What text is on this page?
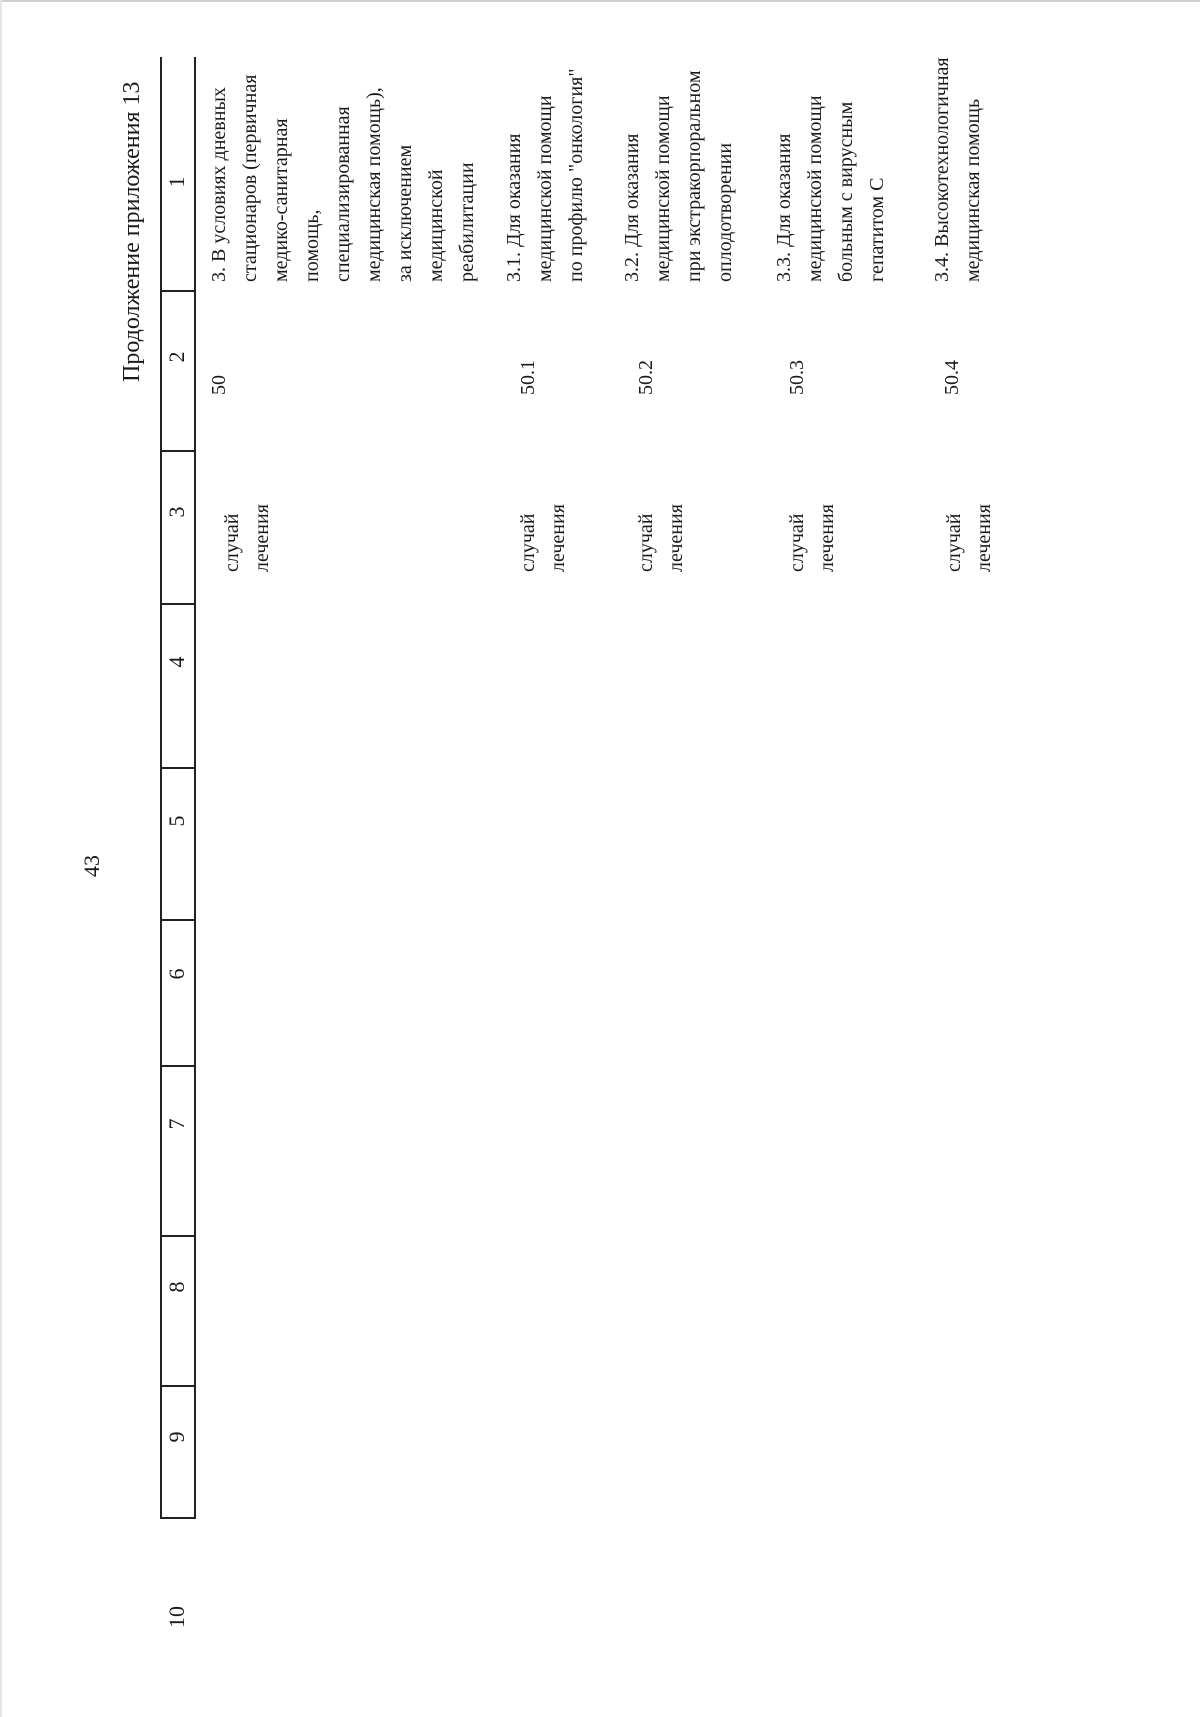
43
Продолжение приложения 13 1
2
3
4
5
6
7
8
9
10
3. В условиях дневных стационаров (первичная медико-санитарная помощь, специализированная медицинская помощь), за исключением медицинской реабилитации
50
случай лечения
3.1. Для оказания медицинской помощи по профилю "онкология"
50.1
случай лечения
3.2. Для оказания медицинской помощи при экстракорпоральном оплодотворении
50.2
случай лечения
3.3. Для оказания медицинской помощи больным с вирусным гепатитом С
50.3
случай лечения
3.4. Высокотехнологичная медицинская помощь
50.4
случай лечения
